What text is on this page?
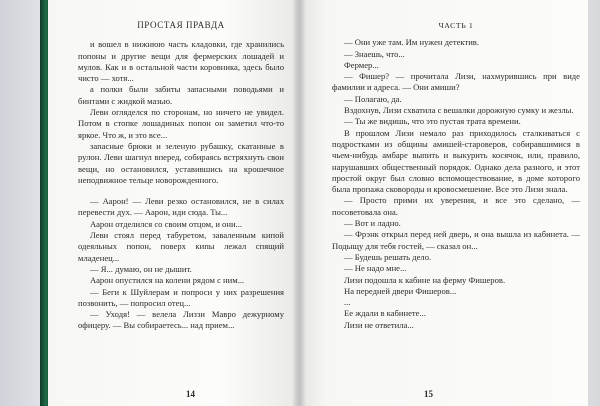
ПРОСТАЯ ПРАВДА

и вошел в нижнюю часть кладовки, где хранились попоны и другие вещи для фермерских лошадей и мулов. Как и в остальной части коровника, здесь было чисто — хотя...

а полки были забиты запасными поводьями и бинтами с жидкой мазью.

Леви огляделся по сторонам, но ничего не увидел. Потом в стопке лошадиных попон он заметил что-то яркое. Что ж, и это все...

запасные брюки и зеленую рубашку, скатанные в рулон. Леви шагнул вперед, собираясь встряхнуть свои вещи, но остановился, уставившись на крошечное неподвижное тельце новорожденного.

— Аарон! — Леви резко остановился, не в силах перевести дух. — Аарон, иди сюда. Ты...

Аарон отделился со своим отцом, и они...

Леви стоял перед табуретом, заваленным кипой одеяльных попон, поверх кипы лежал спящий младенец...

— Я... думаю, он не дышит.

Аарон опустился на колени рядом с ним...

— Беги к Шуйлерам и попроси у них разрешения позвонить, — попросил отец...

— Уходя! — велела Лиззи Мавро дежурному офицеру. — Вы собираетесь... над прием...

14
ЧАСТЬ 1

— Они уже там. Им нужен детектив.

— Знаешь, что...

Фермер...

— Фишер? — прочитала Лизи, нахмурившись при виде фамилии и адреса. — Они амиши?

— Полагаю, да.

Вздохнув, Лизи схватила с вешалки дорожную сумку и жезлы.

— Ты же видишь, что это пустая трата времени.

В прошлом Лизи немало раз приходилось сталкиваться с подростками из общины амишей-староверов, собиравшимися в чьем-нибудь амбаре выпить и выкурить косячок, или, правило, нарушавших общественный порядок. Однако дела разного, и этот простой округ был словно вспомоществование, в доме которого была пропажа сковороды и кровосмешение. Все это Лизи знала.

— Просто прими их уверения, и все это сделано, — посоветовала она.

— Вот и ладно.

— Фрэнк открыл перед ней дверь, и она вышла из кабинета. — Подыщу для тебя гостей, — сказал он...

— Будешь решать дело.

— Не надо мне...

Лизи подошла к кабине на ферму Фишеров.

На передней двери Фишеров...

...

Ее ждали в кабинете...

Лизи не ответила...

15
